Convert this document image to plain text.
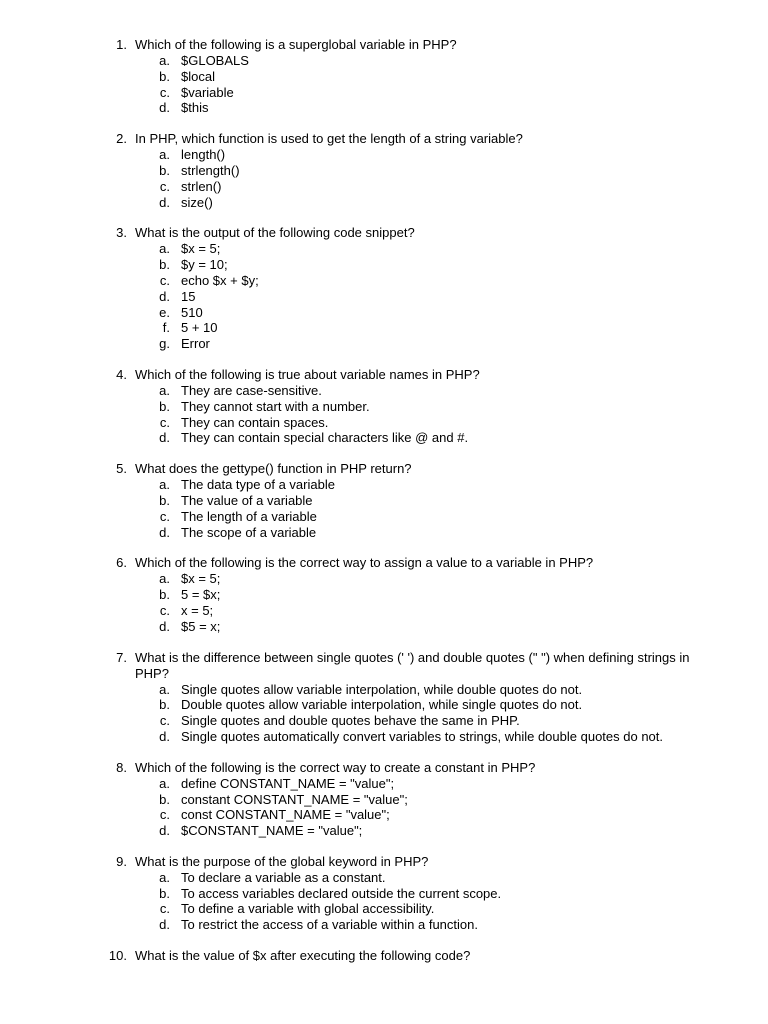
1. Which of the following is a superglobal variable in PHP?
a. $GLOBALS
b. $local
c. $variable
d. $this
2. In PHP, which function is used to get the length of a string variable?
a. length()
b. strlength()
c. strlen()
d. size()
3. What is the output of the following code snippet?
a. $x = 5;
b. $y = 10;
c. echo $x + $y;
d. 15
e. 510
f. 5 + 10
g. Error
4. Which of the following is true about variable names in PHP?
a. They are case-sensitive.
b. They cannot start with a number.
c. They can contain spaces.
d. They can contain special characters like @ and #.
5. What does the gettype() function in PHP return?
a. The data type of a variable
b. The value of a variable
c. The length of a variable
d. The scope of a variable
6. Which of the following is the correct way to assign a value to a variable in PHP?
a. $x = 5;
b. 5 = $x;
c. x = 5;
d. $5 = x;
7. What is the difference between single quotes (' ') and double quotes (" ") when defining strings in PHP?
a. Single quotes allow variable interpolation, while double quotes do not.
b. Double quotes allow variable interpolation, while single quotes do not.
c. Single quotes and double quotes behave the same in PHP.
d. Single quotes automatically convert variables to strings, while double quotes do not.
8. Which of the following is the correct way to create a constant in PHP?
a. define CONSTANT_NAME = "value";
b. constant CONSTANT_NAME = "value";
c. const CONSTANT_NAME = "value";
d. $CONSTANT_NAME = "value";
9. What is the purpose of the global keyword in PHP?
a. To declare a variable as a constant.
b. To access variables declared outside the current scope.
c. To define a variable with global accessibility.
d. To restrict the access of a variable within a function.
10. What is the value of $x after executing the following code?
